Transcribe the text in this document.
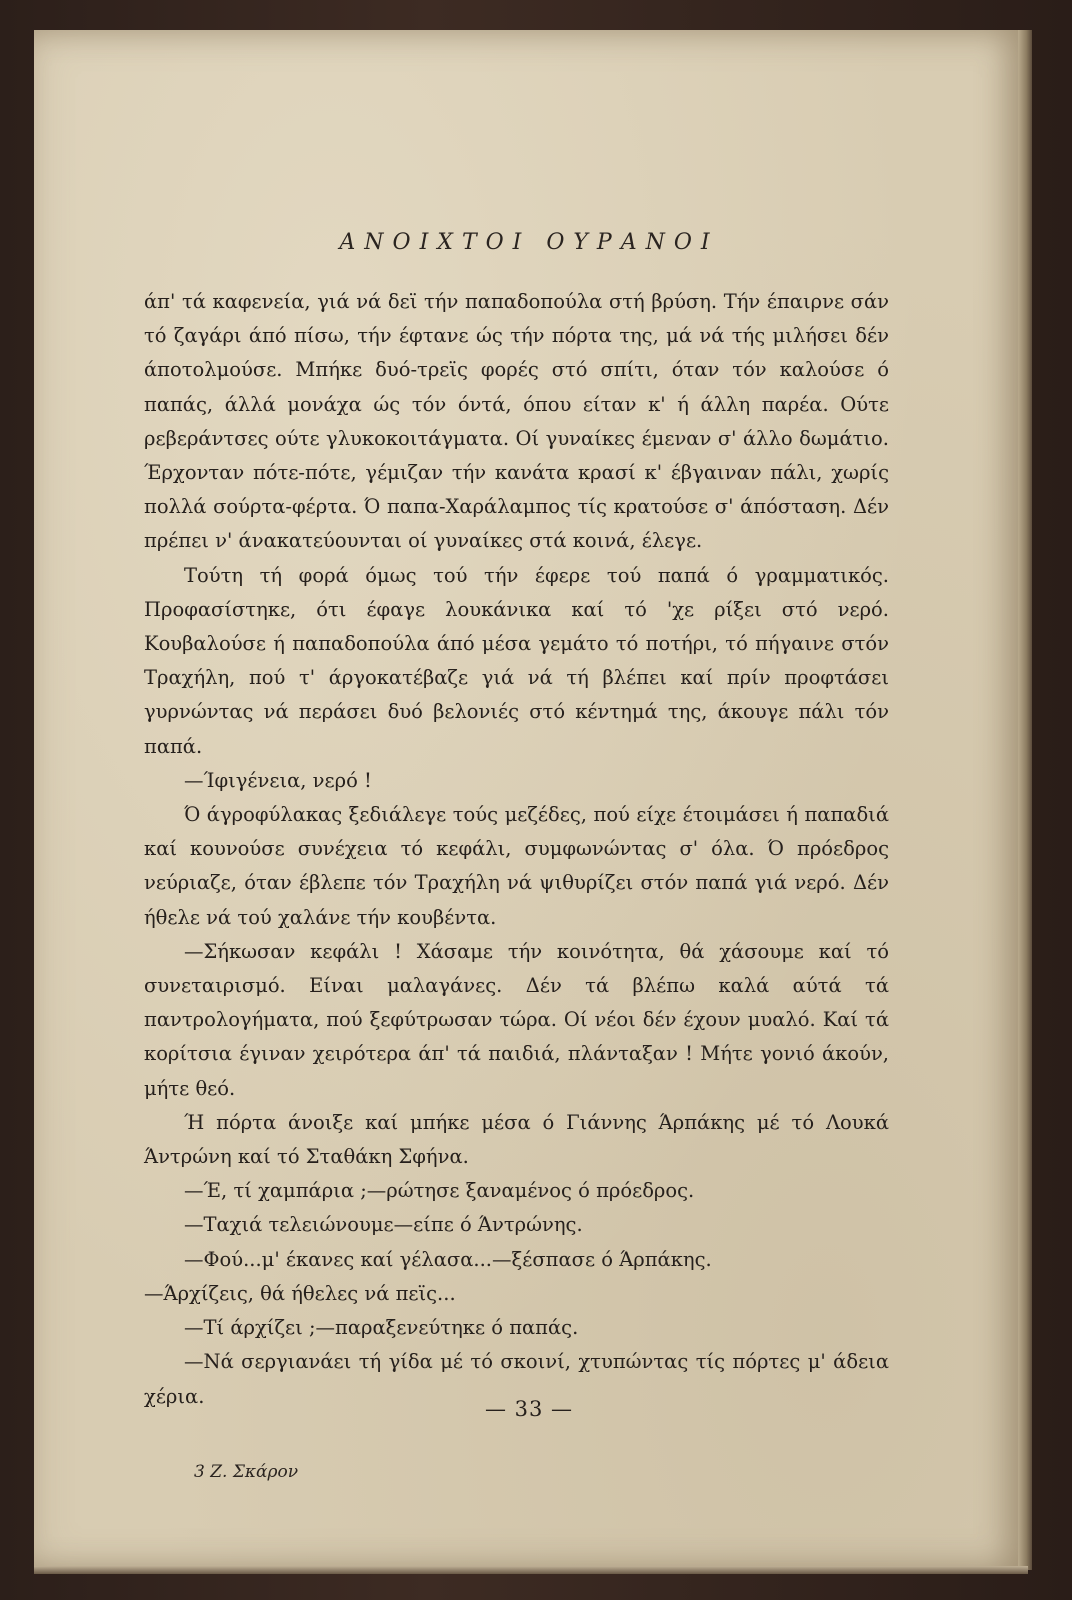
ΑΝΟΙΧΤΟΙ ΟΥΡΑΝΟΙ

άπ' τά καφενεία, γιά νά δεϊ τήν παπαδοπούλα στή βρύση. Τήν έπαιρνε σάν τό ζαγάρι άπό πίσω, τήν έφτανε ώς τήν πόρτα της, μά νά τής μιλήσει δέν άποτολμούσε. Μπήκε δυό-τρεϊς φορές στό σπίτι, όταν τόν καλούσε ό παπάς, άλλά μονάχα ώς τόν όντά, όπου είταν κ' ή άλλη παρέα. Ούτε ρεβεράντσες ούτε γλυκοκοιτάγματα. Οί γυναίκες έμεναν σ' άλλο δωμάτιο. Έρχονταν πότε-πότε, γέμιζαν τήν κανάτα κρασί κ' έβγαιναν πάλι, χωρίς πολλά σούρτα-φέρτα. Ό παπα-Χαράλαμπος τίς κρατούσε σ' άπόσταση. Δέν πρέπει ν' άνακατεύουνται οί γυναίκες στά κοινά, έλεγε.

Τούτη τή φορά όμως τού τήν έφερε τού παπά ό γραμματικός. Προφασίστηκε, ότι έφαγε λουκάνικα καί τό 'χε ρίξει στό νερό. Κουβαλούσε ή παπαδοπούλα άπό μέσα γεμάτο τό ποτήρι, τό πήγαινε στόν Τραχήλη, πού τ' άργοκατέβαζε γιά νά τή βλέπει καί πρίν προφτάσει γυρνώντας νά περάσει δυό βελονιές στό κέντημά της, άκουγε πάλι τόν παπά.

—Ίφιγένεια, νερό !

Ό άγροφύλακας ξεδιάλεγε τούς μεζέδες, πού είχε έτοιμάσει ή παπαδιά καί κουνούσε συνέχεια τό κεφάλι, συμφωνώντας σ' όλα. Ό πρόεδρος νεύριαζε, όταν έβλεπε τόν Τραχήλη νά ψιθυρίζει στόν παπά γιά νερό. Δέν ήθελε νά τού χαλάνε τήν κουβέντα.

—Σήκωσαν κεφάλι ! Χάσαμε τήν κοινότητα, θά χάσουμε καί τό συνεταιρισμό. Είναι μαλαγάνες. Δέν τά βλέπω καλά αύτά τά παντρολογήματα, πού ξεφύτρωσαν τώρα. Οί νέοι δέν έχουν μυαλό. Καί τά κορίτσια έγιναν χειρότερα άπ' τά παιδιά, πλάνταξαν ! Μήτε γονιό άκούν, μήτε θεό.

Ή πόρτα άνοιξε καί μπήκε μέσα ό Γιάννης Άρπάκης μέ τό Λουκά Άντρώνη καί τό Σταθάκη Σφήνα.

—Έ, τί χαμπάρια ;—ρώτησε ξαναμένος ό πρόεδρος.

—Ταχιά τελειώνουμε—είπε ό Άντρώνης.

—Φού...μ' έκανες καί γέλασα...—ξέσπασε ό Άρπάκης.

—Άρχίζεις, θά ήθελες νά πεϊς...

—Τί άρχίζει ;—παραξενεύτηκε ό παπάς.

—Νά σεργιανάει τή γίδα μέ τό σκοινί, χτυπώντας τίς πόρτες μ' άδεια χέρια.

— 33 —
3 Ζ. Σκάρον
